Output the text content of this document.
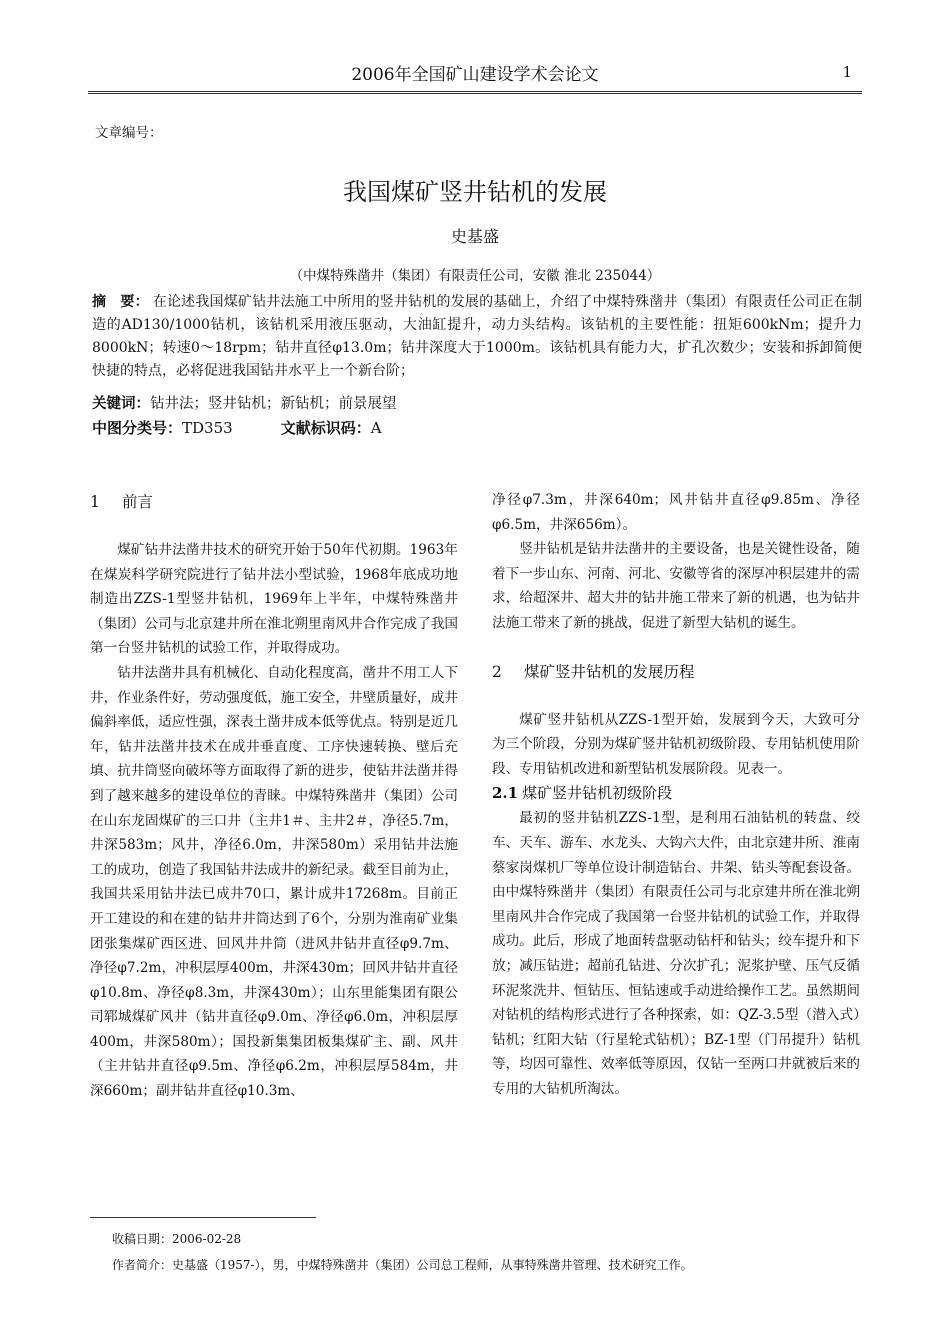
2006年全国矿山建设学术会论文	1
文章编号：
我国煤矿竖井钻机的发展
史基盛
（中煤特殊凿井（集团）有限责任公司，安徽 淮北 235044）
摘　要： 在论述我国煤矿钻井法施工中所用的竖井钻机的发展的基础上，介绍了中煤特殊凿井（集团）有限责任公司正在制造的AD130/1000钻机，该钻机采用液压驱动，大油缸提升，动力头结构。该钻机的主要性能：扭矩600kNm；提升力8000kN；转速0～18rpm；钻井直径φ13.0m；钻井深度大于1000m。该钻机具有能力大，扩孔次数少；安装和拆卸简便快捷的特点，必将促进我国钻井水平上一个新台阶；
关键词：钻井法；竖井钻机；新钻机；前景展望
中图分类号：TD353	文献标识码：A
1 前言

煤矿钻井法凿井技术的研究开始于50年代初期。1963年在煤炭科学研究院进行了钻井法小型试验，1968年底成功地制造出ZZS-1型竖井钻机，1969年上半年，中煤特殊凿井（集团）公司与北京建井所在淮北朔里南风井合作完成了我国第一台竖井钻机的试验工作，并取得成功。

钻井法凿井具有机械化、自动化程度高，凿井不用工人下井，作业条件好，劳动强度低，施工安全，井壁质量好，成井偏斜率低，适应性强，深表土凿井成本低等优点。特别是近几年，钻井法凿井技术在成井垂直度、工序快速转换、壁后充填、抗井筒竖向破坏等方面取得了新的进步，使钻井法凿井得到了越来越多的建设单位的青睐。中煤特殊凿井（集团）公司在山东龙固煤矿的三口井（主井1＃、主井2＃，净径5.7m，井深583m；风井，净径6.0m，井深580m）采用钻井法施工的成功，创造了我国钻井法成井的新纪录。截至目前为止，我国共采用钻井法已成井70口，累计成井17268m。目前正开工建设的和在建的钻井井筒达到了6个，分别为淮南矿业集团张集煤矿西区进、回风井井筒（进风井钻井直径φ9.7m、净径φ7.2m，冲积层厚400m，井深430m；回风井钻井直径φ10.8m、净径φ8.3m，井深430m）；山东里能集团有限公司郓城煤矿风井（钻井直径φ9.0m、净径φ6.0m，冲积层厚400m，井深580m）；国投新集集团板集煤矿主、副、风井（主井钻井直径φ9.5m、净径φ6.2m，冲积层厚584m，井深660m；副井钻井直径φ10.3m、

净径φ7.3m，井深640m；风井钻井直径φ9.85m、净径φ6.5m，井深656m）。

竖井钻机是钻井法凿井的主要设备，也是关键性设备，随着下一步山东、河南、河北、安徽等省的深厚冲积层建井的需求，给超深井、超大井的钻井施工带来了新的机遇，也为钻井法施工带来了新的挑战，促进了新型大钻机的诞生。

2 煤矿竖井钻机的发展历程

煤矿竖井钻机从ZZS-1型开始，发展到今天，大致可分为三个阶段，分别为煤矿竖井钻机初级阶段、专用钻机使用阶段、专用钻机改进和新型钻机发展阶段。见表一。

2.1 煤矿竖井钻机初级阶段

最初的竖井钻机ZZS-1型，是利用石油钻机的转盘、绞车、天车、游车、水龙头、大钩六大件，由北京建井所、淮南蔡家岗煤机厂等单位设计制造钻台、井架、钻头等配套设备。由中煤特殊凿井（集团）有限责任公司与北京建井所在淮北朔里南风井合作完成了我国第一台竖井钻机的试验工作，并取得成功。此后，形成了地面转盘驱动钻杆和钻头；绞车提升和下放；减压钻进；超前孔钻进、分次扩孔；泥浆护壁、压气反循环泥浆洗井、恒钻压、恒钻速或手动进给操作工艺。虽然期间对钻机的结构形式进行了各种探索，如：QZ-3.5型（潜入式）钻机；红阳大钻（行星轮式钻机）；BZ-1型（门吊提升）钻机等，均因可靠性、效率低等原因，仅钻一至两口井就被后来的专用的大钻机所淘汰。

收稿日期：2006-02-28
作者简介：史基盛（1957-），男，中煤特殊凿井（集团）公司总工程师，从事特殊凿井管理、技术研究工作。
